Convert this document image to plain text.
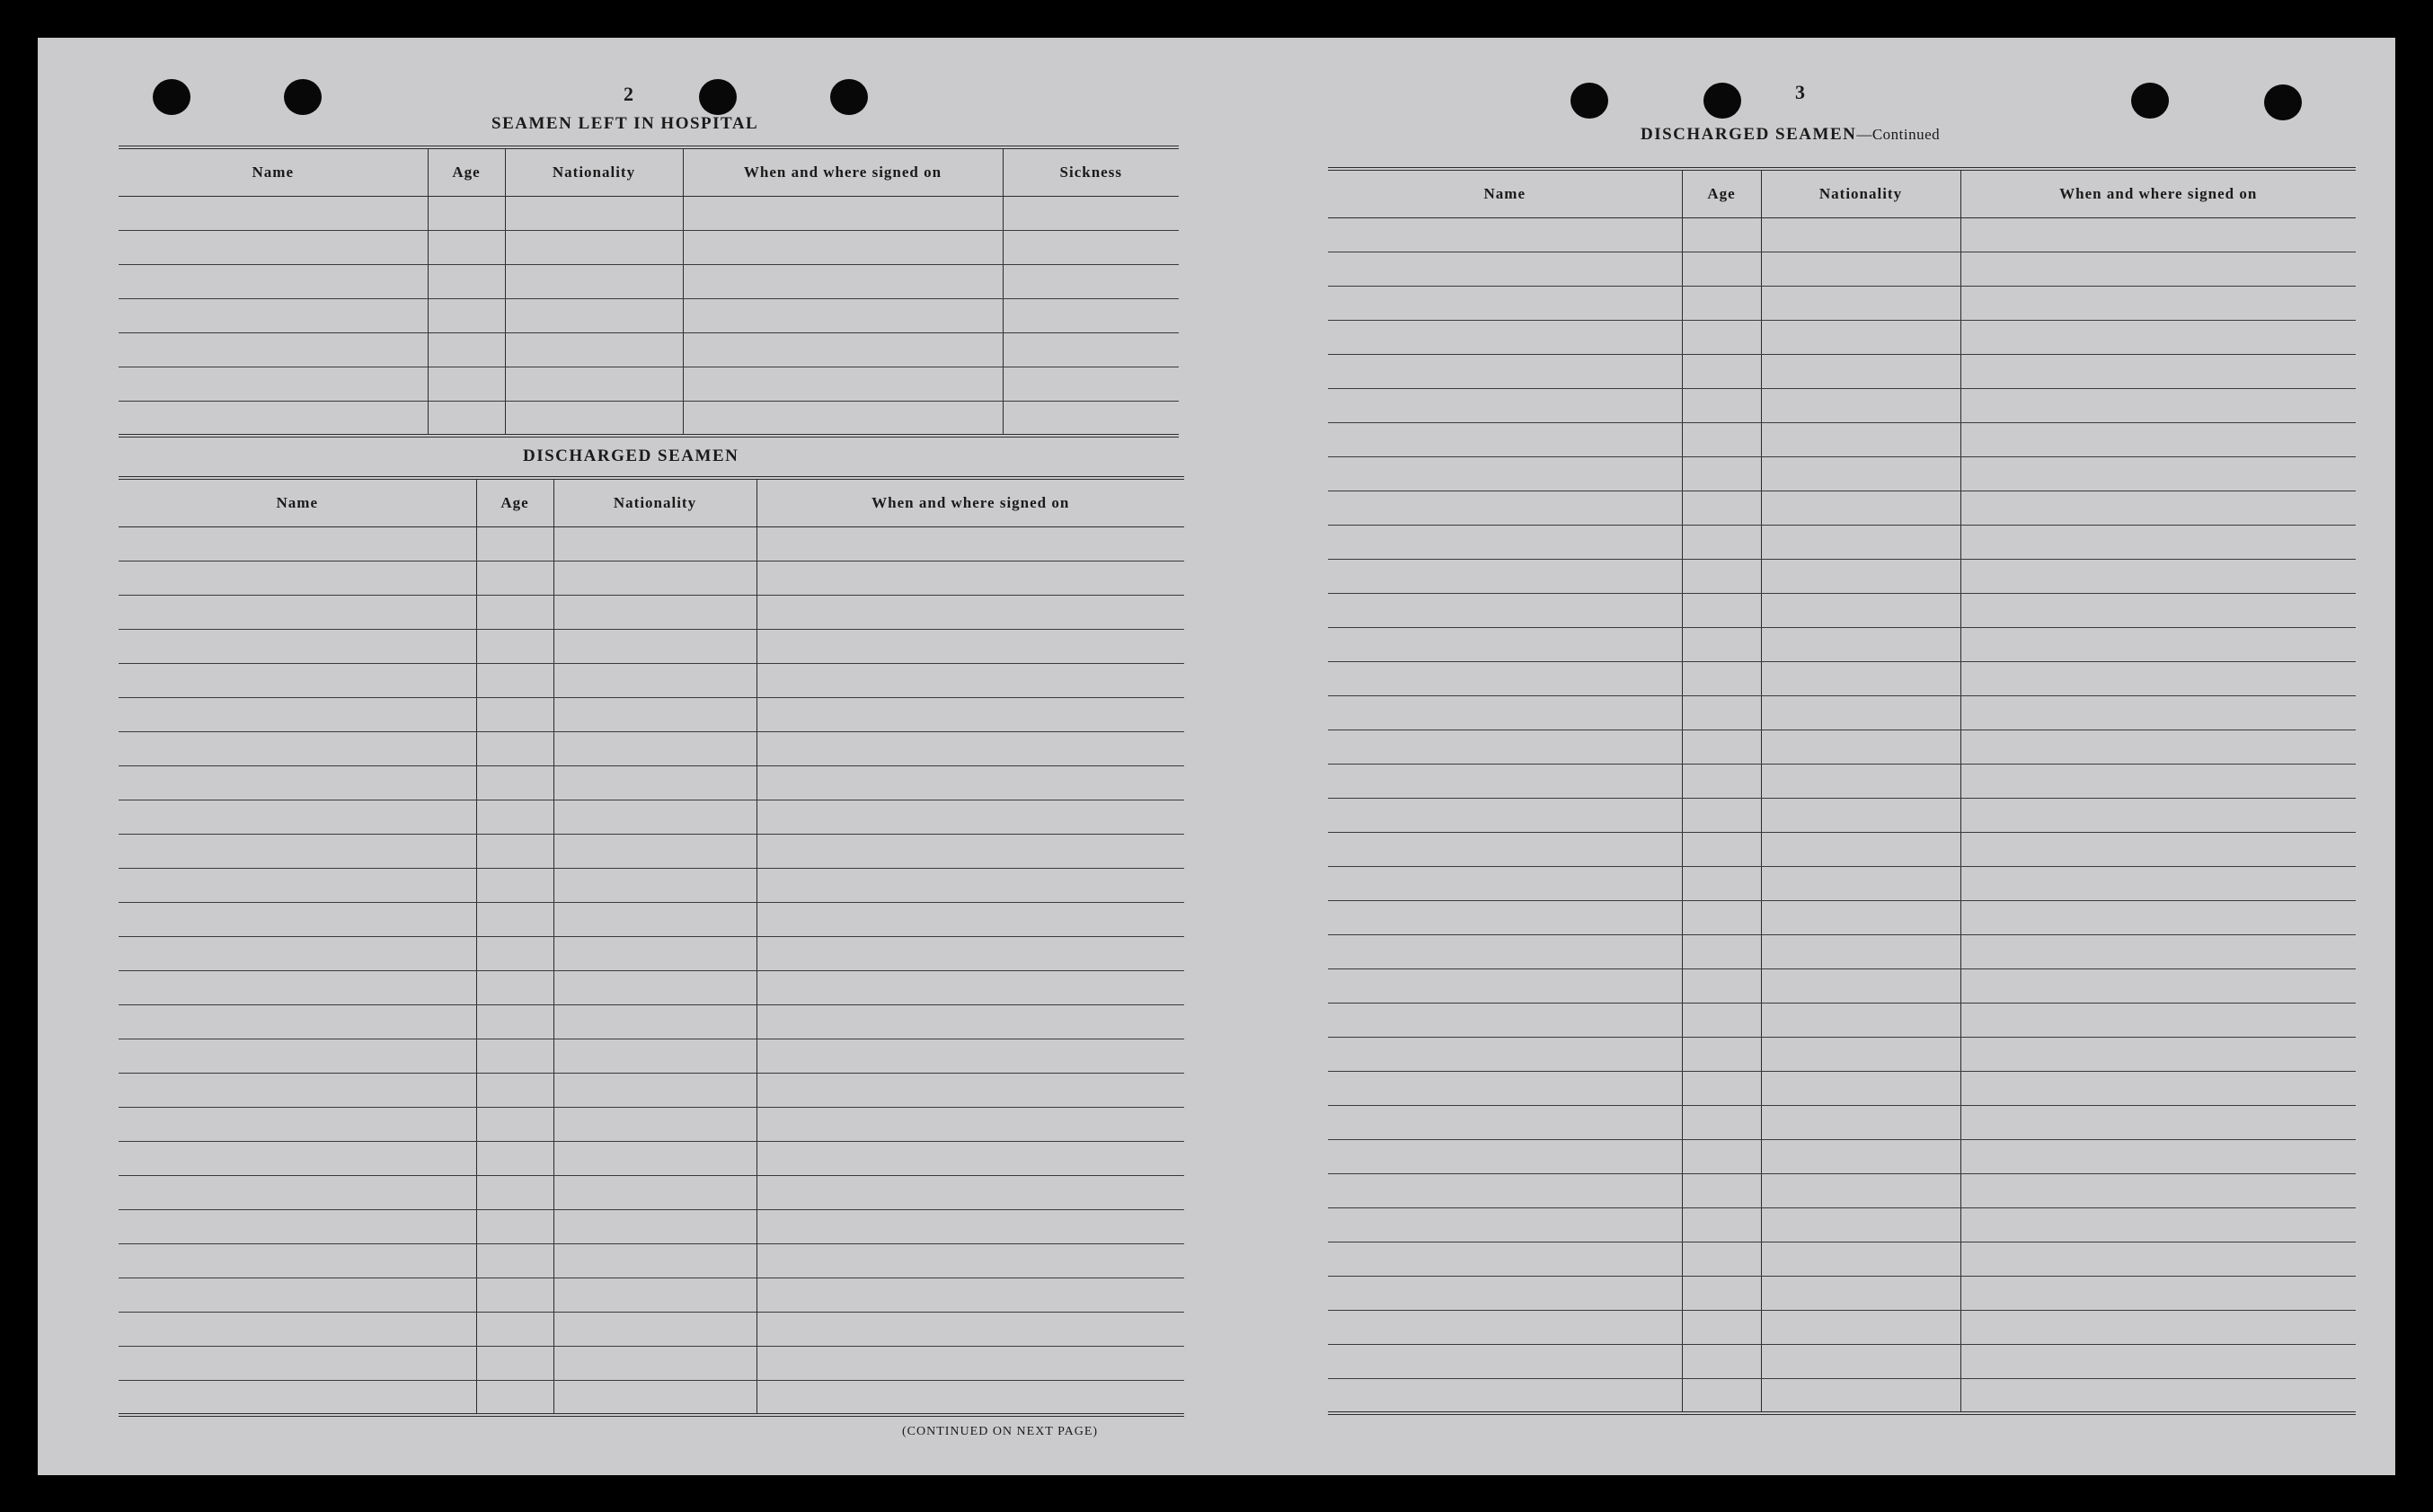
2
SEAMEN LEFT IN HOSPITAL
Name	Age	Nationality	When and where signed on	Sickness

DISCHARGED SEAMEN
Name	Age	Nationality	When and where signed on

(CONTINUED ON NEXT PAGE)
3
DISCHARGED SEAMEN—Continued
Name	Age	Nationality	When and where signed on
